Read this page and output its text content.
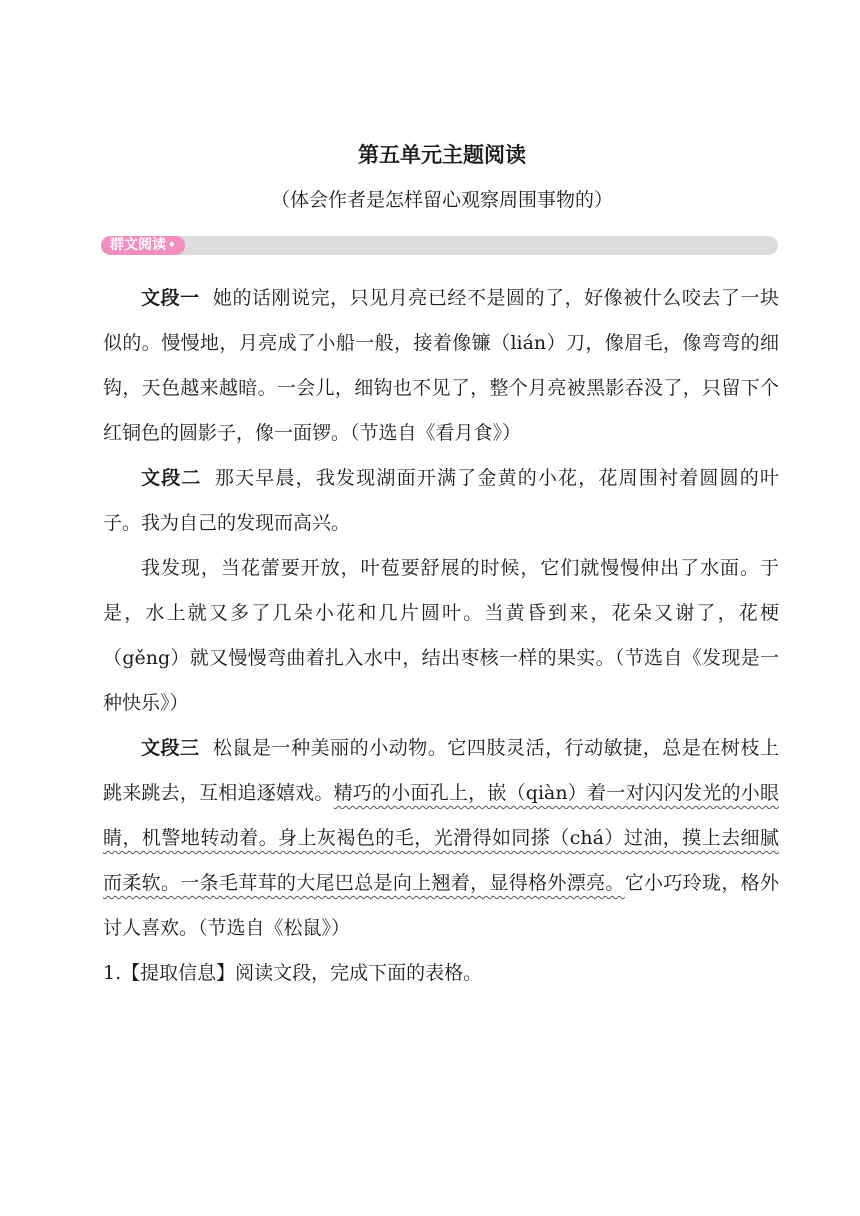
第五单元主题阅读

（体会作者是怎样留心观察周围事物的）

群文阅读 •

文段一 她的话刚说完，只见月亮已经不是圆的了，好像被什么咬去了一块似的。慢慢地，月亮成了小船一般，接着像镰（lián）刀，像眉毛，像弯弯的细钩，天色越来越暗。一会儿，细钩也不见了，整个月亮被黑影吞没了，只留下个红铜色的圆影子，像一面锣。（节选自《看月食》）

文段二 那天早晨，我发现湖面开满了金黄的小花，花周围衬着圆圆的叶子。我为自己的发现而高兴。

我发现，当花蕾要开放，叶苞要舒展的时候，它们就慢慢伸出了水面。于是，水上就又多了几朵小花和几片圆叶。当黄昏到来，花朵又谢了，花梗（gěng）就又慢慢弯曲着扎入水中，结出枣核一样的果实。（节选自《发现是一种快乐》）

文段三 松鼠是一种美丽的小动物。它四肢灵活，行动敏捷，总是在树枝上跳来跳去，互相追逐嬉戏。精巧的小面孔上，嵌（qiàn）着一对闪闪发光的小眼睛，机警地转动着。身上灰褐色的毛，光滑得如同搽（chá）过油，摸上去细腻而柔软。一条毛茸茸的大尾巴总是向上翘着，显得格外漂亮。它小巧玲珑，格外讨人喜欢。（节选自《松鼠》）

1.【提取信息】阅读文段，完成下面的表格。
